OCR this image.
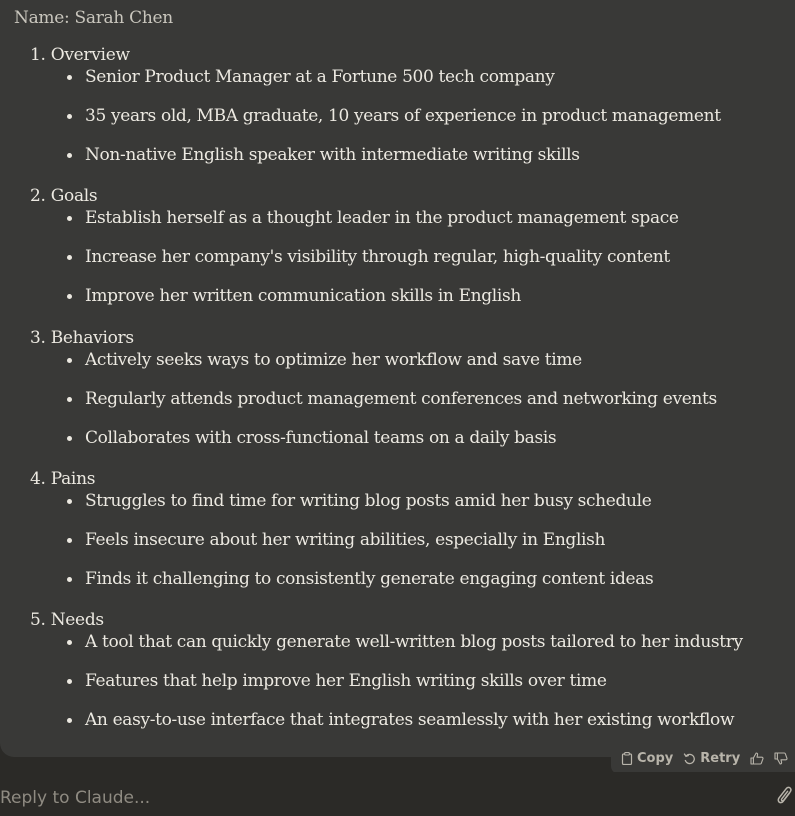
Name: Sarah Chen
1. Overview
Senior Product Manager at a Fortune 500 tech company
35 years old, MBA graduate, 10 years of experience in product management
Non-native English speaker with intermediate writing skills
2. Goals
Establish herself as a thought leader in the product management space
Increase her company's visibility through regular, high-quality content
Improve her written communication skills in English
3. Behaviors
Actively seeks ways to optimize her workflow and save time
Regularly attends product management conferences and networking events
Collaborates with cross-functional teams on a daily basis
4. Pains
Struggles to find time for writing blog posts amid her busy schedule
Feels insecure about her writing abilities, especially in English
Finds it challenging to consistently generate engaging content ideas
5. Needs
A tool that can quickly generate well-written blog posts tailored to her industry
Features that help improve her English writing skills over time
An easy-to-use interface that integrates seamlessly with her existing workflow
Copy Retry
Reply to Claude...
